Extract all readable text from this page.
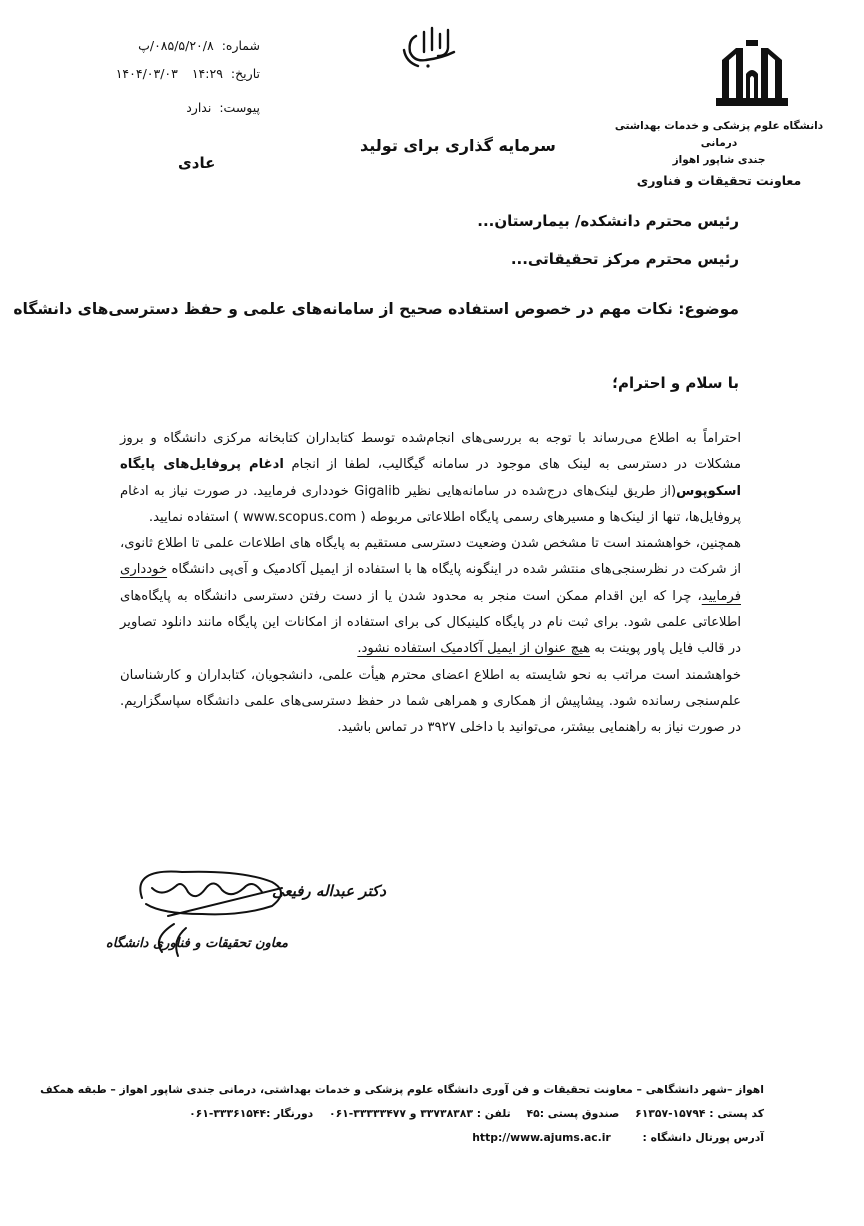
دانشگاه علوم پزشکی و خدمات بهداشتی درمانی
جندی شاپور اهواز
معاونت تحقیقات و فناوری
شماره: ۰۸۵/۵/۲۰/۸/پ
تاریخ: ۱۴:۲۹ ۱۴۰۴/۰۳/۰۳
پیوست: ندارد
عادی
سرمایه گذاری برای تولید
رئیس محترم دانشکده/ بیمارستان...
رئیس محترم مرکز تحقیقاتی...
موضوع: نکات مهم در خصوص استفاده صحیح از سامانه‌های علمی و حفظ دسترسی‌های دانشگاه
با سلام و احترام؛

احتراماً به اطلاع می‌رساند با توجه به بررسی‌های انجام‌شده توسط کتابداران کتابخانه مرکزی دانشگاه و بروز مشکلات در دسترسی به لینک های موجود در سامانه گیگالیب، لطفا از انجام ادغام پروفایل‌های پایگاه اسکوپوس(از طریق لینک‌های درج‌شده در سامانه‌هایی نظیر Gigalib خودداری فرمایید. در صورت نیاز به ادغام پروفایل‌ها، تنها از لینک‌ها و مسیرهای رسمی پایگاه اطلاعاتی مربوطه ( www.scopus.com ) استفاده نمایید.

همچنین، خواهشمند است تا مشخص شدن وضعیت دسترسی مستقیم به پایگاه های اطلاعات علمی تا اطلاع ثانوی، از شرکت در نظرسنجی‌های منتشر شده در اینگونه پایگاه ها با استفاده از ایمیل آکادمیک و آی‌پی دانشگاه خودداری فرمایید، چرا که این اقدام ممکن است منجر به محدود شدن یا از دست رفتن دسترسی دانشگاه به پایگاه‌های اطلاعاتی علمی شود. برای ثبت نام در پایگاه کلینیکال کی برای استفاده از امکانات این پایگاه مانند دانلود تصاویر در قالب فایل پاور پوینت به هیچ عنوان از ایمیل آکادمیک استفاده نشود.

خواهشمند است مراتب به نحو شایسته به اطلاع اعضای محترم هیأت علمی، دانشجویان، کتابداران و کارشناسان علم‌سنجی رسانده شود. پیشاپیش از همکاری و همراهی شما در حفظ دسترسی‌های علمی دانشگاه سپاسگزاریم. در صورت نیاز به راهنمایی بیشتر، می‌توانید با داخلی ۳۹۲۷ در تماس باشید.

دکتر عبداله رفیعی
معاون تحقیقات و فناوری دانشگاه
اهواز –شهر دانشگاهی – معاونت تحقیقات و فن آوری دانشگاه علوم پزشکی و خدمات بهداشتی، درمانی جندی شاپور اهواز – طبقه همکف
کد پستی : ۱۵۷۹۴-۶۱۳۵۷ صندوق پستی :۴۵ تلفن : ۳۳۷۳۸۳۸۳ و ۳۳۳۳۳۴۷۷-۰۶۱ دورنگار :۳۳۳۶۱۵۴۴-۰۶۱
آدرس پورتال دانشگاه : http://www.ajums.ac.ir
